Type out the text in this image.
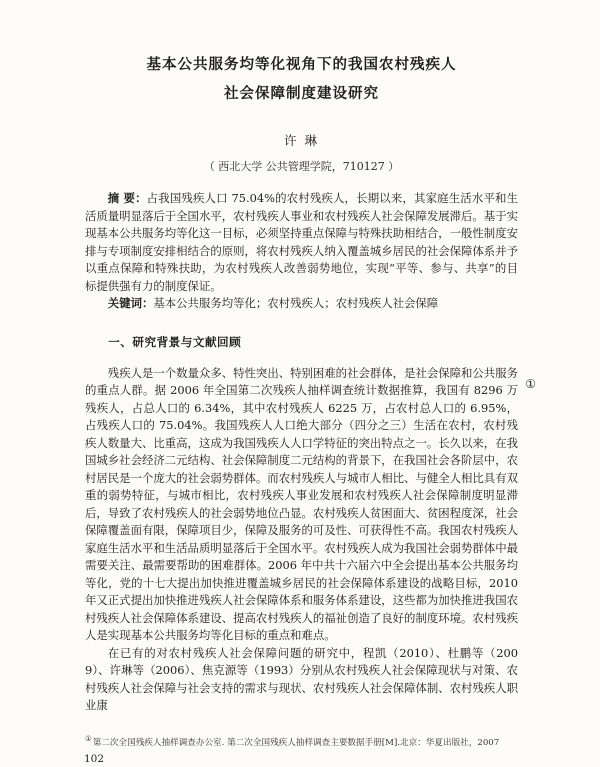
基本公共服务均等化视角下的我国农村残疾人
社会保障制度建设研究
许 琳
（ 西北大学 公共管理学院，710127 ）

摘 要：占我国残疾人口 75.04%的农村残疾人，长期以来，其家庭生活水平和生活质量明显落后于全国水平，农村残疾人事业和农村残疾人社会保障发展滞后。基于实现基本公共服务均等化这一目标，必须坚持重点保障与特殊扶助相结合，一般性制度安排与专项制度安排相结合的原则，将农村残疾人纳入覆盖城乡居民的社会保障体系并予以重点保障和特殊扶助，为农村残疾人改善弱势地位，实现“平等、参与、共享”的目标提供强有力的制度保证。

关键词：基本公共服务均等化；农村残疾人；农村残疾人社会保障

一、研究背景与文献回顾

残疾人是一个数量众多、特性突出、特别困难的社会群体，是社会保障和公共服务的重点人群。据 2006 年全国第二次残疾人抽样调查统计数据推算，我国有 8296 万残疾人，占总人口的 6.34%，其中农村残疾人 6225 万，占农村总人口的 6.95%，占残疾人口的 75.04%。我国残疾人人口绝大部分（四分之三）生活在农村，农村残疾人数量大、比重高，这成为我国残疾人人口学特征的突出特点之一。长久以来，在我国城乡社会经济二元结构、社会保障制度二元结构的背景下，在我国社会各阶层中，农村居民是一个庞大的社会弱势群体。而农村残疾人与城市人相比、与健全人相比具有双重的弱势特征，与城市相比，农村残疾人事业发展和农村残疾人社会保障制度明显滞后，导致了农村残疾人的社会弱势地位凸显。农村残疾人贫困面大、贫困程度深，社会保障覆盖面有限，保障项目少，保障及服务的可及性、可获得性不高。我国农村残疾人家庭生活水平和生活品质明显落后于全国水平。农村残疾人成为我国社会弱势群体中最需要关注、最需要帮助的困难群体。2006 年中共十六届六中全会提出基本公共服务均等化，党的十七大提出加快推进覆盖城乡居民的社会保障体系建设的战略目标，2010 年又正式提出加快推进残疾人社会保障体系和服务体系建设，这些都为加快推进我国农村残疾人社会保障体系建设、提高农村残疾人的福祉创造了良好的制度环境。农村残疾人是实现基本公共服务均等化目标的重点和难点。

在已有的对农村残疾人社会保障问题的研究中，程凯（2010）、杜鹏等（2009）、许琳等（2006）、焦克源等（1993）分别从农村残疾人社会保障现状与对策、农村残疾人社会保障与社会支持的需求与现状、农村残疾人社会保障体制、农村残疾人职业康

①
①第二次全国残疾人抽样调查办公室. 第二次全国残疾人抽样调查主要数据手册[M].北京：华夏出版社，2007
102
